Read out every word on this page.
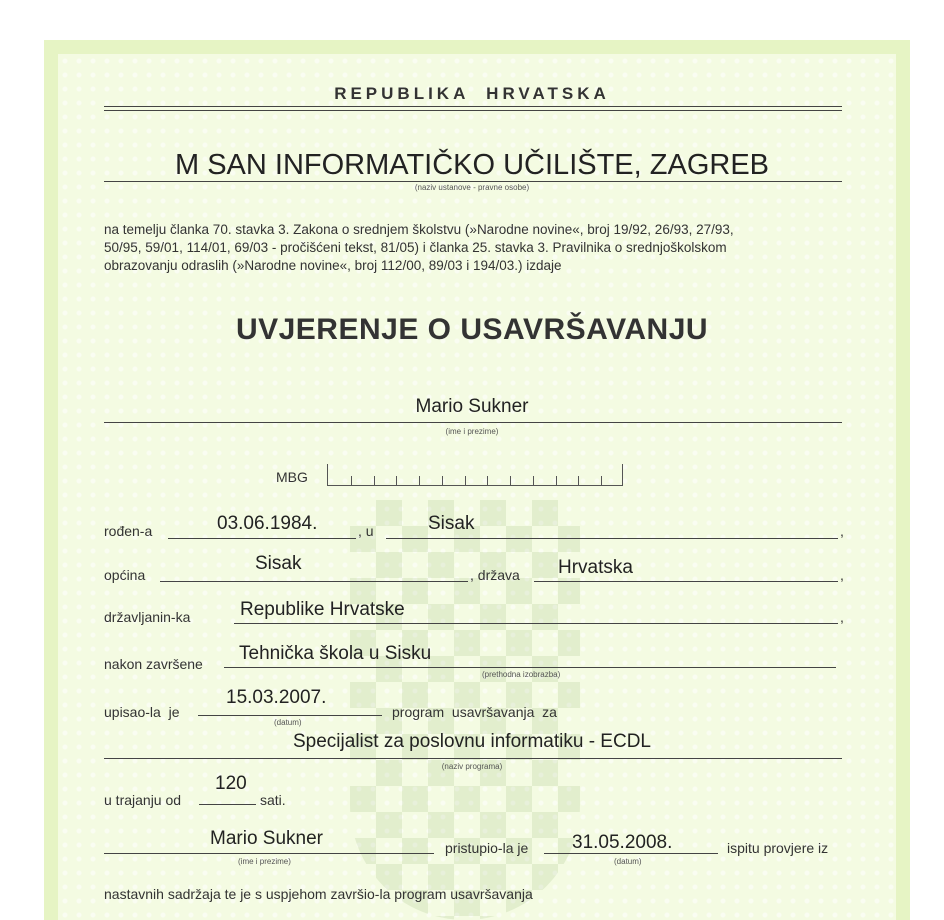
REPUBLIKA  HRVATSKA
M SAN INFORMATIČKO UČILIŠTE, ZAGREB
(naziv ustanove - pravne osobe)
na temelju članka 70. stavka 3. Zakona o srednjem školstvu (»Narodne novine«, broj 19/92, 26/93, 27/93,
50/95, 59/01, 114/01, 69/03 - pročišćeni tekst, 81/05) i članka 25. stavka 3. Pravilnika o srednjoškolskom
obrazovanju odraslih (»Narodne novine«, broj 112/00, 89/03 i 194/03.) izdaje
UVJERENJE O USAVRŠAVANJU
Mario Sukner
(ime i prezime)
MBG
rođen-a	03.06.1984.	, u	Sisak	,
općina
Sisak
, država Hrvatska	,
državljanin-ka	Republike Hrvatske	,
nakon završene Tehnička škola u Sisku
(prethodna izobrazba)
upisao-la  je
15.03.2007.
(datum)
program  usavršavanja  za
Specijalist za poslovnu informatiku - ECDL
(naziv programa)
u trajanju od
120
sati.
Mario Sukner
(ime i prezime)
pristupio-la je 31.05.2008.
(datum)
ispitu provjere iz
nastavnih sadržaja te je s uspjehom završio-la program usavršavanja
